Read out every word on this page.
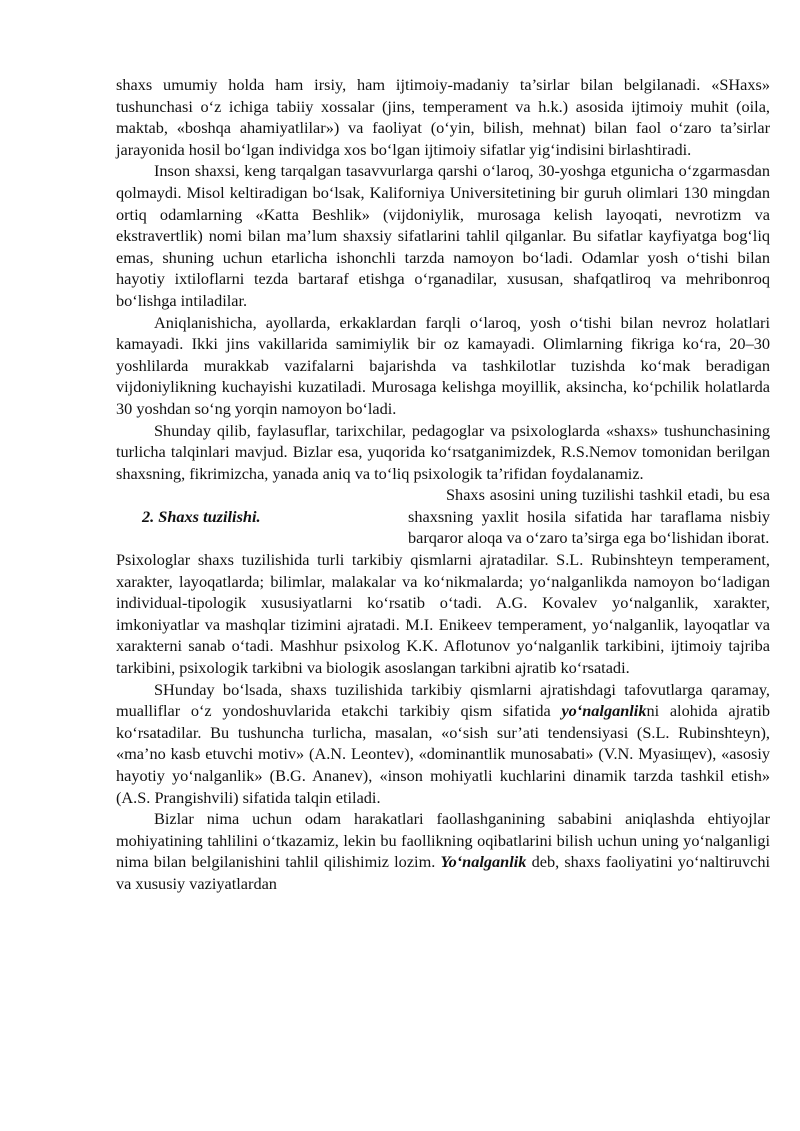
shaxs umumiy holda ham irsiy, ham ijtimoiy-madaniy ta’sirlar bilan belgilanadi. «SHaxs» tushunchasi o‘z ichiga tabiiy xossalar (jins, temperament va h.k.) asosida ijtimoiy muhit (oila, maktab, «boshqa ahamiyatlilar») va faoliyat (o‘yin, bilish, mehnat) bilan faol o‘zaro ta’sirlar jarayonida hosil bo‘lgan individga xos bo‘lgan ijtimoiy sifatlar yig‘indisini birlashtiradi.

Inson shaxsi, keng tarqalgan tasavvurlarga qarshi o‘laroq, 30-yoshga etgunicha o‘zgarmasdan qolmaydi. Misol keltiradigan bo‘lsak, Kaliforniya Universitetining bir guruh olimlari 130 mingdan ortiq odamlarning «Katta Beshlik» (vijdoniylik, murosaga kelish layoqati, nevrotizm va ekstravertlik) nomi bilan ma’lum shaxsiy sifatlarini tahlil qilganlar. Bu sifatlar kayfiyatga bog‘liq emas, shuning uchun etarlicha ishonchli tarzda namoyon bo‘ladi. Odamlar yosh o‘tishi bilan hayotiy ixtiloflarni tezda bartaraf etishga o‘rganadilar, xususan, shafqatliroq va mehribonroq bo‘lishga intiladilar.

Aniqlanishicha, ayollarda, erkaklardan farqli o‘laroq, yosh o‘tishi bilan nevroz holatlari kamayadi. Ikki jins vakillarida samimiylik bir oz kamayadi. Olimlarning fikriga ko‘ra, 20–30 yoshlilarda murakkab vazifalarni bajarishda va tashkilotlar tuzishda ko‘mak beradigan vijdoniylikning kuchayishi kuzatiladi. Murosaga kelishga moyillik, aksincha, ko‘pchilik holatlarda 30 yoshdan so‘ng yorqin namoyon bo‘ladi.

Shunday qilib, faylasuflar, tarixchilar, pedagoglar va psixologlarda «shaxs» tushunchasining turlicha talqinlari mavjud. Bizlar esa, yuqorida ko‘rsatganimizdek, R.S.Nemov tomonidan berilgan shaxsning, fikrimizcha, yanada aniq va to‘liq psixologik ta’rifidan foydalanamiz.

2. Shaxs tuzilishi.

Shaxs asosini uning tuzilishi tashkil etadi, bu esa shaxsning yaxlit hosila sifatida har taraflama nisbiy barqaror aloqa va o‘zaro ta’sirga ega bo‘lishidan iborat.

Psixologlar shaxs tuzilishida turli tarkibiy qismlarni ajratadilar. S.L. Rubinshteyn temperament, xarakter, layoqatlarda; bilimlar, malakalar va ko‘nikmalarda; yo‘nalganlikda namoyon bo‘ladigan individual-tipologik xususiyatlarni ko‘rsatib o‘tadi. A.G. Kovalev yo‘nalganlik, xarakter, imkoniyatlar va mashqlar tizimini ajratadi. M.I. Enikeev temperament, yo‘nalganlik, layoqatlar va xarakterni sanab o‘tadi. Mashhur psixolog K.K. Aflotunov yo‘nalganlik tarkibini, ijtimoiy tajriba tarkibini, psixologik tarkibni va biologik asoslangan tarkibni ajratib ko‘rsatadi.

SHunday bo‘lsada, shaxs tuzilishida tarkibiy qismlarni ajratishdagi tafovutlarga qaramay, mualliflar o‘z yondoshuvlarida etakchi tarkibiy qism sifatida yo‘nalganlikni alohida ajratib ko‘rsatadilar. Bu tushuncha turlicha, masalan, «o‘sish sur’ati tendensiyasi (S.L. Rubinshteyn), «ma’no kasb etuvchi motiv» (A.N. Leontev), «dominantlik munosabati» (V.N. Myasiщev), «asosiy hayotiy yo‘nalganlik» (B.G. Ananev), «inson mohiyatli kuchlarini dinamik tarzda tashkil etish» (A.S. Prangishvili) sifatida talqin etiladi.

Bizlar nima uchun odam harakatlari faollashganining sababini aniqlashda ehtiyojlar mohiyatining tahlilini o‘tkazamiz, lekin bu faollikning oqibatlarini bilish uchun uning yo‘nalganligi nima bilan belgilanishini tahlil qilishimiz lozim. Yo‘nalganlik deb, shaxs faoliyatini yo‘naltiruvchi va xususiy vaziyatlardan
